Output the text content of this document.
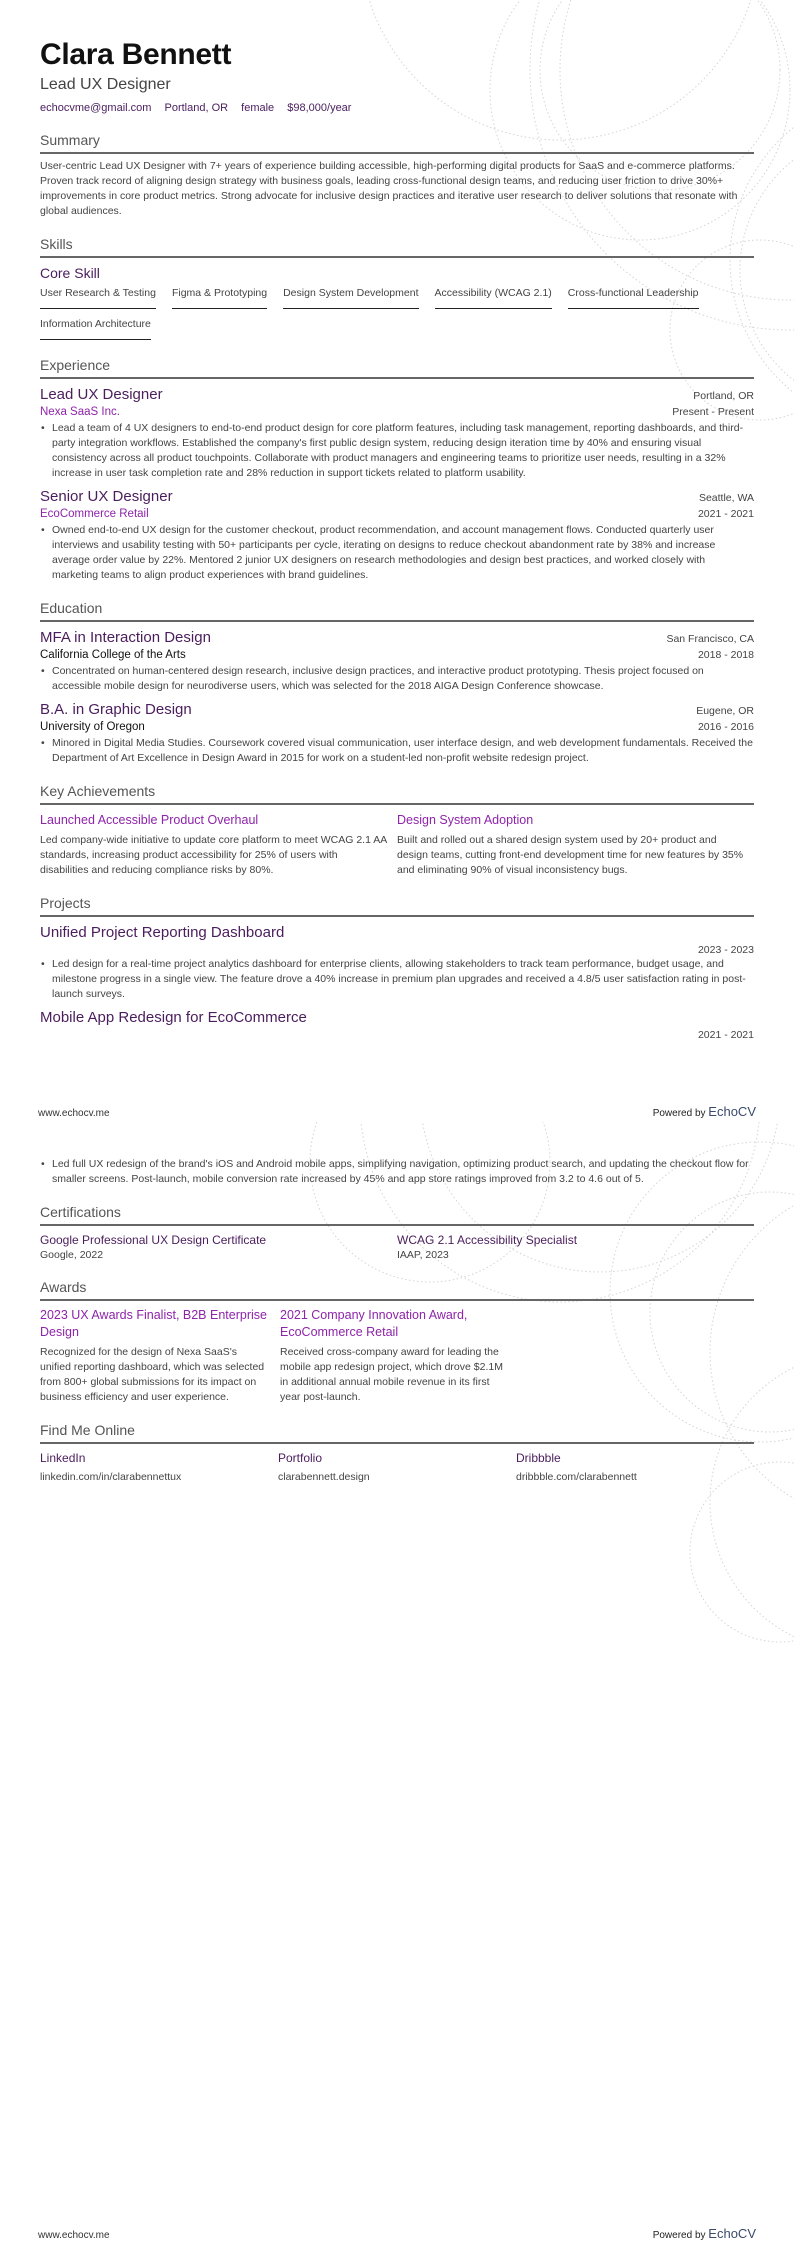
Clara Bennett
Lead UX Designer
echocvme@gmail.com Portland, OR female $98,000/year
Summary
User-centric Lead UX Designer with 7+ years of experience building accessible, high-performing digital products for SaaS and e-commerce platforms. Proven track record of aligning design strategy with business goals, leading cross-functional design teams, and reducing user friction to drive 30%+ improvements in core product metrics. Strong advocate for inclusive design practices and iterative user research to deliver solutions that resonate with global audiences.
Skills
Core Skill
User Research & Testing Figma & Prototyping Design System Development Accessibility (WCAG 2.1) Cross-functional Leadership
Information Architecture
Experience
Lead UX Designer	Portland, OR
Nexa SaaS Inc.	Present - Present
• Lead a team of 4 UX designers to end-to-end product design for core platform features, including task management, reporting dashboards, and third-party integration workflows. Established the company's first public design system, reducing design iteration time by 40% and ensuring visual consistency across all product touchpoints. Collaborate with product managers and engineering teams to prioritize user needs, resulting in a 32% increase in user task completion rate and 28% reduction in support tickets related to platform usability.
Senior UX Designer	Seattle, WA
EcoCommerce Retail	2021 - 2021
• Owned end-to-end UX design for the customer checkout, product recommendation, and account management flows. Conducted quarterly user interviews and usability testing with 50+ participants per cycle, iterating on designs to reduce checkout abandonment rate by 38% and increase average order value by 22%. Mentored 2 junior UX designers on research methodologies and design best practices, and worked closely with marketing teams to align product experiences with brand guidelines.
Education
MFA in Interaction Design	San Francisco, CA
California College of the Arts	2018 - 2018
• Concentrated on human-centered design research, inclusive design practices, and interactive product prototyping. Thesis project focused on accessible mobile design for neurodiverse users, which was selected for the 2018 AIGA Design Conference showcase.
B.A. in Graphic Design	Eugene, OR
University of Oregon	2016 - 2016
• Minored in Digital Media Studies. Coursework covered visual communication, user interface design, and web development fundamentals. Received the Department of Art Excellence in Design Award in 2015 for work on a student-led non-profit website redesign project.
Key Achievements
Launched Accessible Product Overhaul
Led company-wide initiative to update core platform to meet WCAG 2.1 AA standards, increasing product accessibility for 25% of users with disabilities and reducing compliance risks by 80%.
Design System Adoption
Built and rolled out a shared design system used by 20+ product and design teams, cutting front-end development time for new features by 35% and eliminating 90% of visual inconsistency bugs.
Projects
Unified Project Reporting Dashboard
2023 - 2023
• Led design for a real-time project analytics dashboard for enterprise clients, allowing stakeholders to track team performance, budget usage, and milestone progress in a single view. The feature drove a 40% increase in premium plan upgrades and received a 4.8/5 user satisfaction rating in post-launch surveys.
Mobile App Redesign for EcoCommerce
2021 - 2021
www.echocv.me	Powered by EchoCV
• Led full UX redesign of the brand's iOS and Android mobile apps, simplifying navigation, optimizing product search, and updating the checkout flow for smaller screens. Post-launch, mobile conversion rate increased by 45% and app store ratings improved from 3.2 to 4.6 out of 5.
Certifications
Google Professional UX Design Certificate
Google, 2022
WCAG 2.1 Accessibility Specialist
IAAP, 2023
Awards
2023 UX Awards Finalist, B2B Enterprise Design
Recognized for the design of Nexa SaaS's unified reporting dashboard, which was selected from 800+ global submissions for its impact on business efficiency and user experience.
2021 Company Innovation Award, EcoCommerce Retail
Received cross-company award for leading the mobile app redesign project, which drove $2.1M in additional annual mobile revenue in its first year post-launch.
Find Me Online
LinkedIn
linkedin.com/in/clarabennettux
Portfolio
clarabennett.design
Dribbble
dribbble.com/clarabennett
www.echocv.me	Powered by EchoCV
